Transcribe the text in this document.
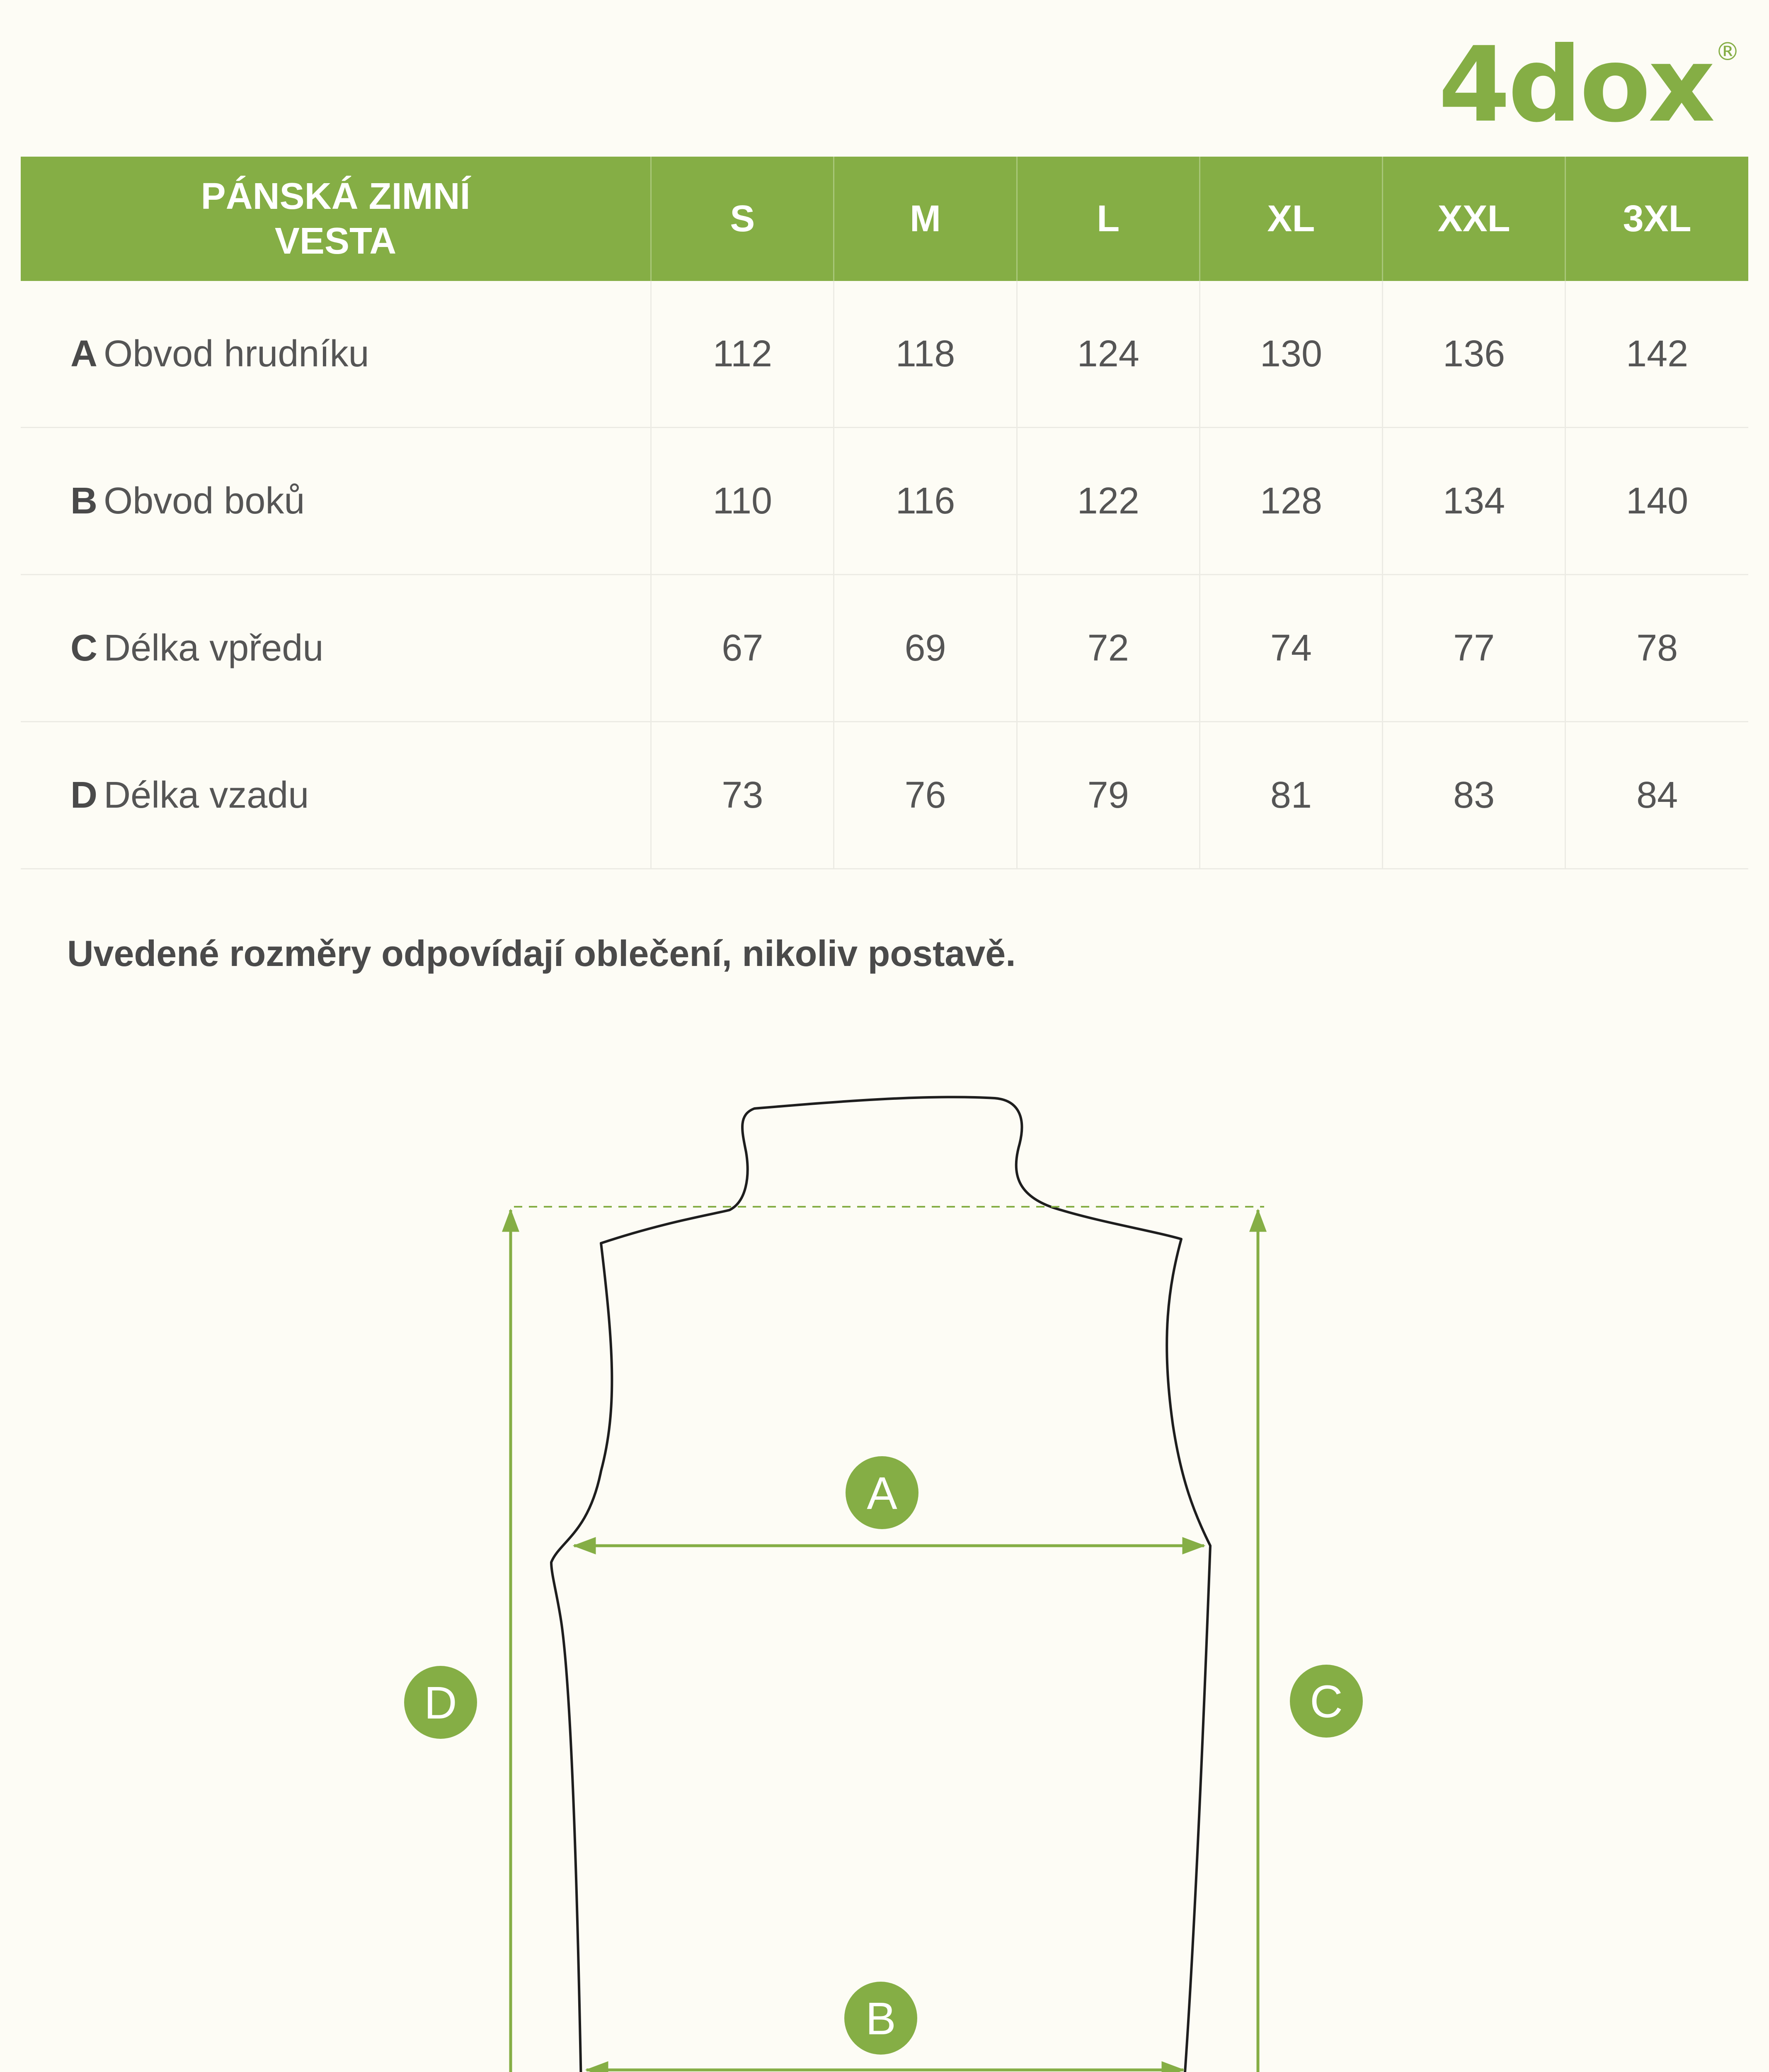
4dox ®
PÁNSKÁ ZIMNÍ
VESTA		S	M	L	XL	XXL	3XL
A	Obvod hrudníku	112	118	124	130	136	142
B	Obvod boků	110	116	122	128	134	140
C	Délka vpředu	67	69	72	74	77	78
D	Délka vzadu	73	76	79	81	83	84
Uvedené rozměry odpovídají oblečení, nikoliv postavě.
A
B
C
D
